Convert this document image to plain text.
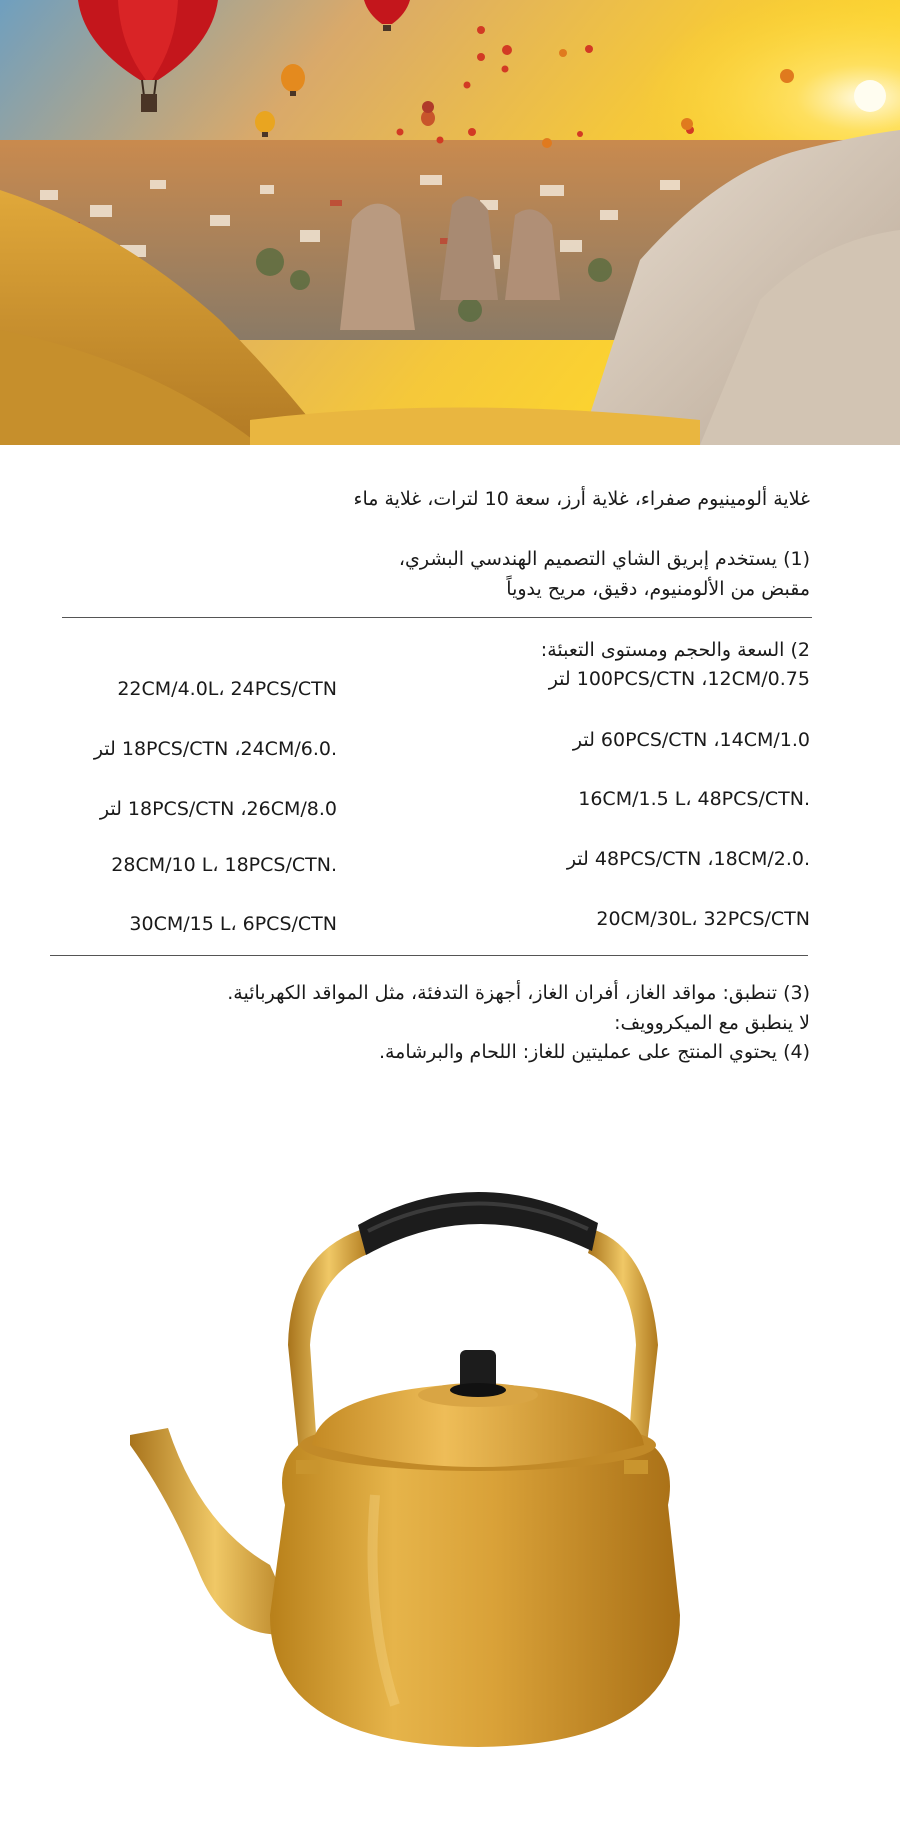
غلاية ألومينيوم صفراء، غلاية أرز، سعة 10 لترات، غلاية ماء
(1) يستخدم إبريق الشاي التصميم الهندسي البشري،
مقبض من الألومنيوم، دقيق، مريح يدوياً
2) السعة والحجم ومستوى التعبئة:
100PCS/CTN ،12CM/0.75 لتر
60PCS/CTN ،14CM/1.0 لتر
.16CM/1.5 L، 48PCS/CTN
.48PCS/CTN ،18CM/2.0 لتر
20CM/30L، 32PCS/CTN
22CM/4.0L، 24PCS/CTN
.18PCS/CTN ،24CM/6.0 لتر
18PCS/CTN ،26CM/8.0 لتر
.28CM/10 L، 18PCS/CTN
30CM/15 L، 6PCS/CTN
(3) تنطبق: مواقد الغاز، أفران الغاز، أجهزة التدفئة، مثل المواقد الكهربائية.
لا ينطبق مع الميكروويف:
(4) يحتوي المنتج على عمليتين للغاز: اللحام والبرشامة.
